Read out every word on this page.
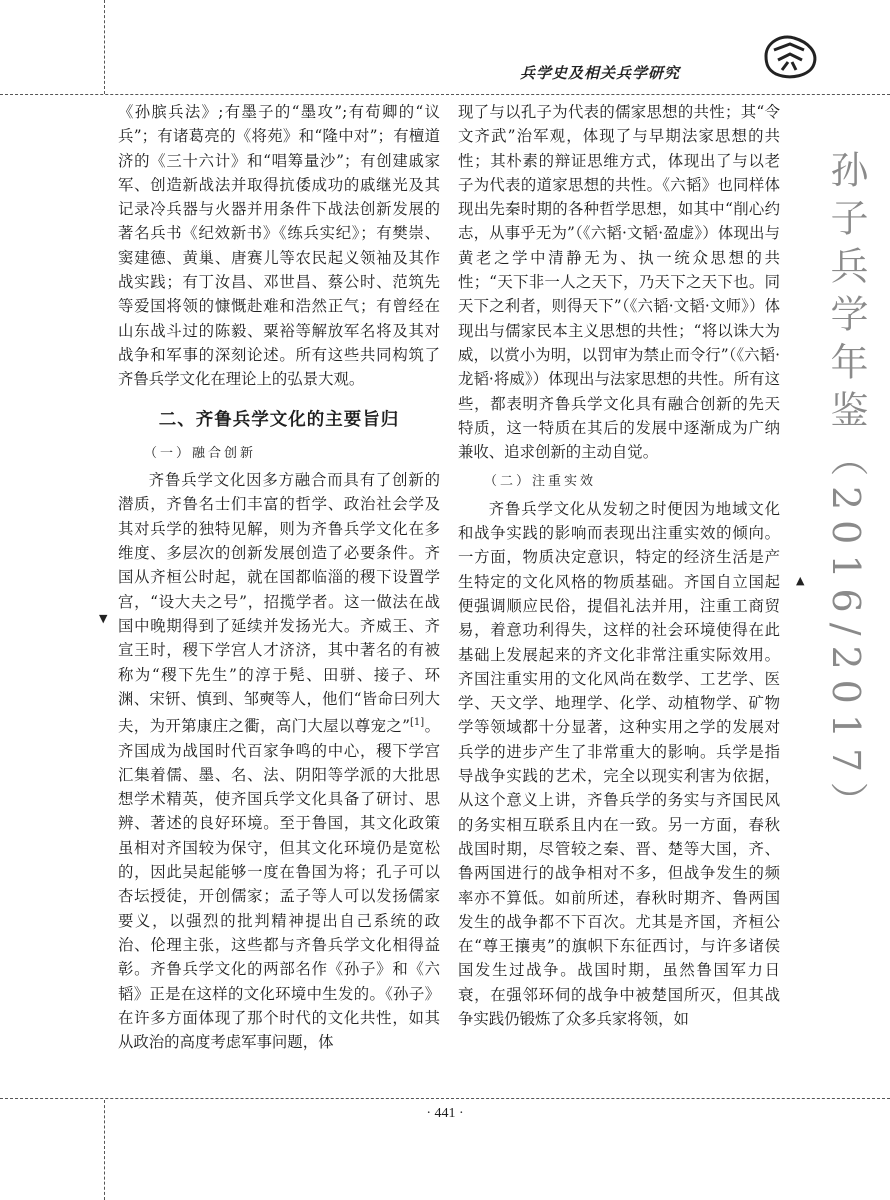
▼
▲
兵学史及相关兵学研究
孙子兵学年鉴（2016/2017）

《孙膑兵法》;有墨子的“墨攻”;有荀卿的“议兵”；有诸葛亮的《将苑》和“隆中对”；有檀道济的《三十六计》和“唱筹量沙”；有创建戚家军、创造新战法并取得抗倭成功的戚继光及其记录冷兵器与火器并用条件下战法创新发展的著名兵书《纪效新书》《练兵实纪》；有樊崇、窦建德、黄巢、唐赛儿等农民起义领袖及其作战实践；有丁汝昌、邓世昌、蔡公时、范筑先等爱国将领的慷慨赴难和浩然正气；有曾经在山东战斗过的陈毅、粟裕等解放军名将及其对战争和军事的深刻论述。所有这些共同构筑了齐鲁兵学文化在理论上的弘景大观。

二、齐鲁兵学文化的主要旨归
（一）融合创新

齐鲁兵学文化因多方融合而具有了创新的潜质，齐鲁名士们丰富的哲学、政治社会学及其对兵学的独特见解，则为齐鲁兵学文化在多维度、多层次的创新发展创造了必要条件。齐国从齐桓公时起，就在国都临淄的稷下设置学宫，“设大夫之号”，招揽学者。这一做法在战国中晚期得到了延续并发扬光大。齐威王、齐宣王时，稷下学宫人才济济，其中著名的有被称为“稷下先生”的淳于髡、田骈、接子、环渊、宋钘、慎到、邹奭等人，他们“皆命曰列大夫，为开第康庄之衢，高门大屋以尊宠之”[1]。齐国成为战国时代百家争鸣的中心，稷下学宫汇集着儒、墨、名、法、阴阳等学派的大批思想学术精英，使齐国兵学文化具备了研讨、思辨、著述的良好环境。至于鲁国，其文化政策虽相对齐国较为保守，但其文化环境仍是宽松的，因此吴起能够一度在鲁国为将；孔子可以杏坛授徒，开创儒家；孟子等人可以发扬儒家要义，以强烈的批判精神提出自己系统的政治、伦理主张，这些都与齐鲁兵学文化相得益彰。齐鲁兵学文化的两部名作《孙子》和《六韬》正是在这样的文化环境中生发的。《孙子》在许多方面体现了那个时代的文化共性，如其从政治的高度考虑军事问题，体

现了与以孔子为代表的儒家思想的共性；其“令文齐武”治军观，体现了与早期法家思想的共性；其朴素的辩证思维方式，体现出了与以老子为代表的道家思想的共性。《六韬》也同样体现出先秦时期的各种哲学思想，如其中“削心约志，从事乎无为”（《六韬·文韬·盈虚》）体现出与黄老之学中清静无为、执一统众思想的共性；“天下非一人之天下，乃天下之天下也。同天下之利者，则得天下”（《六韬·文韬·文师》）体现出与儒家民本主义思想的共性；“将以诛大为威，以赏小为明，以罚审为禁止而令行”（《六韬·龙韬·将威》）体现出与法家思想的共性。所有这些，都表明齐鲁兵学文化具有融合创新的先天特质，这一特质在其后的发展中逐渐成为广纳兼收、追求创新的主动自觉。

（二）注重实效

齐鲁兵学文化从发轫之时便因为地域文化和战争实践的影响而表现出注重实效的倾向。一方面，物质决定意识，特定的经济生活是产生特定的文化风格的物质基础。齐国自立国起便强调顺应民俗，提倡礼法并用，注重工商贸易，着意功利得失，这样的社会环境使得在此基础上发展起来的齐文化非常注重实际效用。齐国注重实用的文化风尚在数学、工艺学、医学、天文学、地理学、化学、动植物学、矿物学等领域都十分显著，这种实用之学的发展对兵学的进步产生了非常重大的影响。兵学是指导战争实践的艺术，完全以现实利害为依据，从这个意义上讲，齐鲁兵学的务实与齐国民风的务实相互联系且内在一致。另一方面，春秋战国时期，尽管较之秦、晋、楚等大国，齐、鲁两国进行的战争相对不多，但战争发生的频率亦不算低。如前所述，春秋时期齐、鲁两国发生的战争都不下百次。尤其是齐国，齐桓公在“尊王攘夷”的旗帜下东征西讨，与许多诸侯国发生过战争。战国时期，虽然鲁国军力日衰，在强邻环伺的战争中被楚国所灭，但其战争实践仍锻炼了众多兵家将领，如

· 441 ·
